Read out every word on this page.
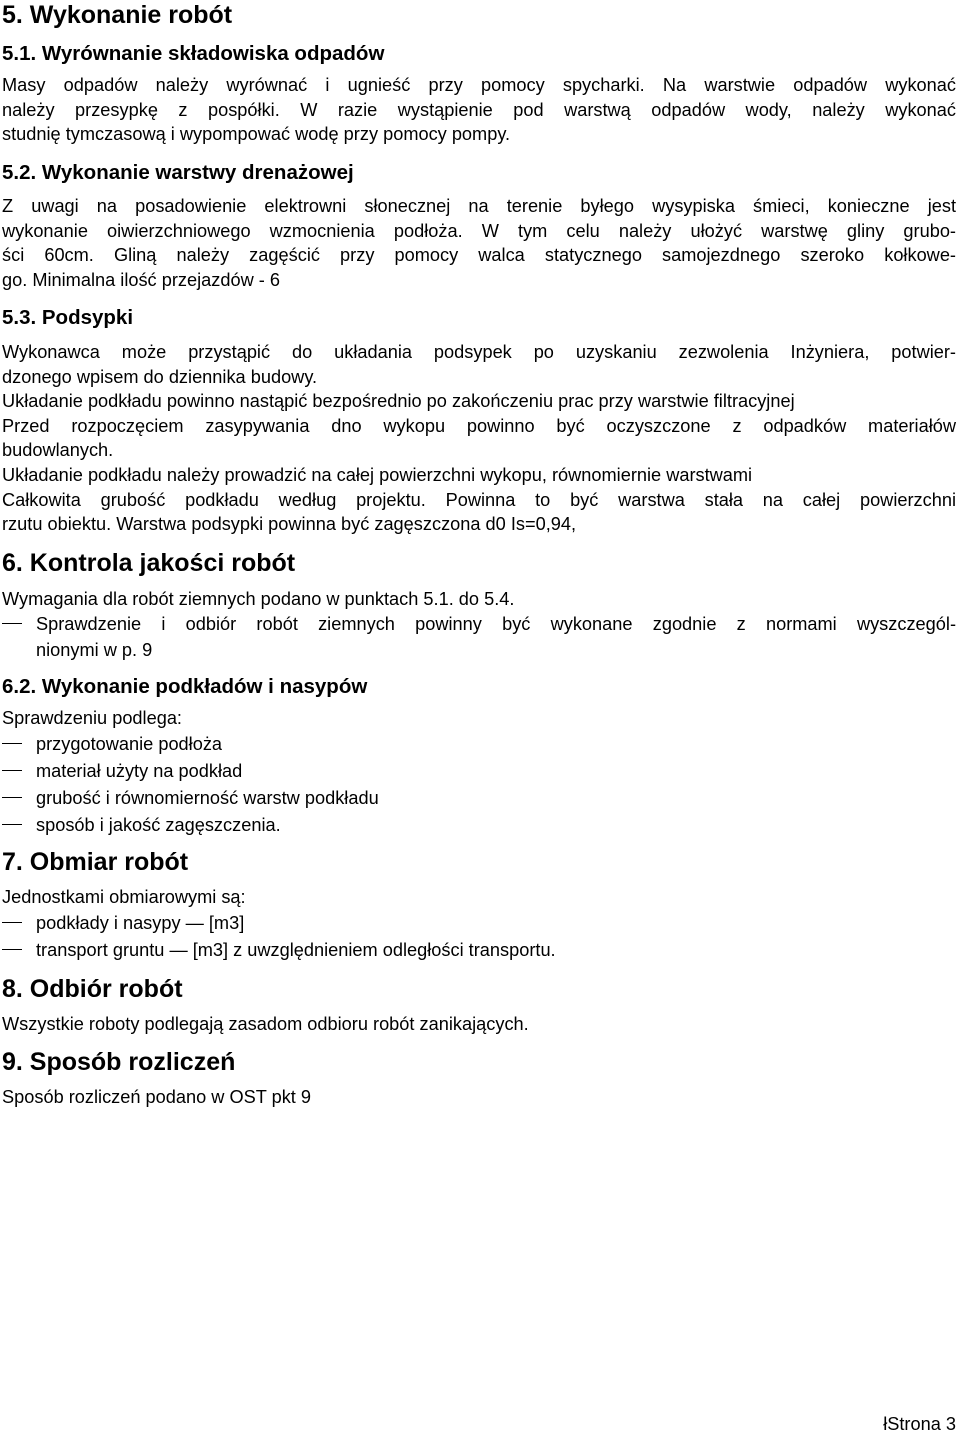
5. Wykonanie robót
5.1. Wyrównanie składowiska odpadów
Masy odpadów należy wyrównać i ugnieść przy pomocy spycharki. Na warstwie odpadów wykonać
należy przesypkę z pospółki. W razie wystąpienie pod warstwą odpadów wody, należy wykonać
studnię tymczasową i wypompować wodę przy pomocy pompy.
5.2. Wykonanie warstwy drenażowej
Z uwagi na posadowienie elektrowni słonecznej na terenie byłego wysypiska śmieci, konieczne jest
wykonanie oiwierzchniowego wzmocnienia podłoża. W tym celu należy ułożyć warstwę gliny grubo-
ści 60cm. Gliną należy zagęścić przy pomocy walca statycznego samojezdnego szeroko kołkowe-
go. Minimalna ilość przejazdów - 6
5.3. Podsypki
Wykonawca może przystąpić do układania podsypek po uzyskaniu zezwolenia Inżyniera, potwier-
dzonego wpisem do dziennika budowy.
Układanie podkładu powinno nastąpić bezpośrednio po zakończeniu prac przy warstwie filtracyjnej
Przed rozpoczęciem zasypywania dno wykopu powinno być oczyszczone z odpadków materiałów
budowlanych.
Układanie podkładu należy prowadzić na całej powierzchni wykopu, równomiernie warstwami
Całkowita grubość podkładu według projektu. Powinna to być warstwa stała na całej powierzchni
rzutu obiektu. Warstwa podsypki powinna być zagęszczona d0 Is=0,94,
6. Kontrola jakości robót
Wymagania dla robót ziemnych podano w punktach 5.1. do 5.4.
Sprawdzenie i odbiór robót ziemnych powinny być wykonane zgodnie z normami wyszczegól-
nionymi w p. 9
6.2. Wykonanie podkładów i nasypów
Sprawdzeniu podlega:
przygotowanie podłoża
materiał użyty na podkład
grubość i równomierność warstw podkładu
sposób i jakość zagęszczenia.
7. Obmiar robót
Jednostkami obmiarowymi są:
podkłady i nasypy — [m3]
transport gruntu — [m3] z uwzględnieniem odległości transportu.
8. Odbiór robót
Wszystkie roboty podlegają zasadom odbioru robót zanikających.
9. Sposób rozliczeń
Sposób rozliczeń podano w OST pkt 9
łStrona 3
